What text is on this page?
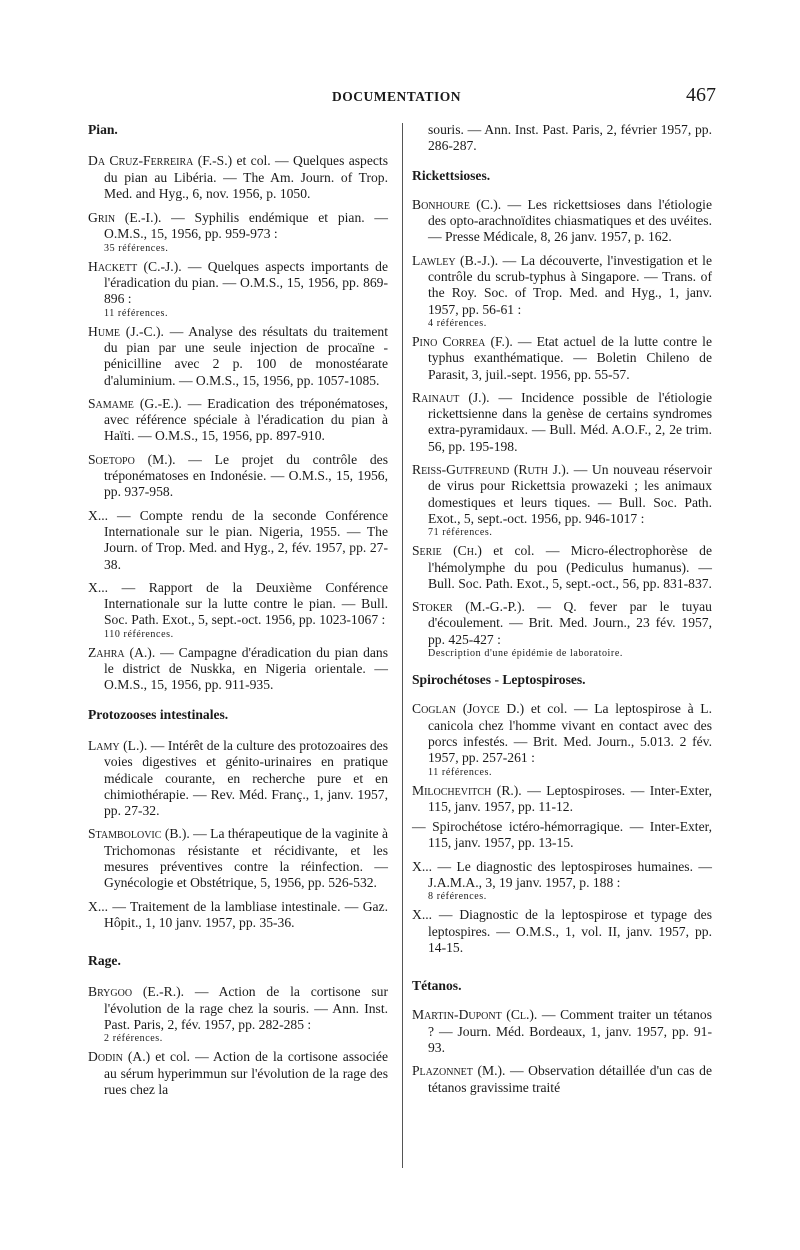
DOCUMENTATION	467
Pian.
Da Cruz-Ferreira (F.-S.) et col. — Quelques aspects du pian au Libéria. — The Am. Journ. of Trop. Med. and Hyg., 6, nov. 1956, p. 1050.
Grin (E.-I.). — Syphilis endémique et pian. — O.M.S., 15, 1956, pp. 959-973 :
35 références.
Hackett (C.-J.). — Quelques aspects importants de l'éradication du pian. — O.M.S., 15, 1956, pp. 869-896 :
11 références.
Hume (J.-C.). — Analyse des résultats du traitement du pian par une seule injection de procaïne - pénicilline avec 2 p. 100 de monostéarate d'aluminium. — O.M.S., 15, 1956, pp. 1057-1085.
Samame (G.-E.). — Eradication des tréponématoses, avec référence spéciale à l'éradication du pian à Haïti. — O.M.S., 15, 1956, pp. 897-910.
Soetopo (M.). — Le projet du contrôle des tréponématoses en Indonésie. — O.M.S., 15, 1956, pp. 937-958.
X... — Compte rendu de la seconde Conférence Internationale sur le pian. Nigeria, 1955. — The Journ. of Trop. Med. and Hyg., 2, fév. 1957, pp. 27-38.
X... — Rapport de la Deuxième Conférence Internationale sur la lutte contre le pian. — Bull. Soc. Path. Exot., 5, sept.-oct. 1956, pp. 1023-1067 :
110 références.
Zahra (A.). — Campagne d'éradication du pian dans le district de Nuskka, en Nigeria orientale. — O.M.S., 15, 1956, pp. 911-935.
Protozooses intestinales.
Lamy (L.). — Intérêt de la culture des protozoaires des voies digestives et génito-urinaires en pratique médicale courante, en recherche pure et en chimiothérapie. — Rev. Méd. Franç., 1, janv. 1957, pp. 27-32.
Stambolovic (B.). — La thérapeutique de la vaginite à Trichomonas résistante et récidivante, et les mesures préventives contre la réinfection. — Gynécologie et Obstétrique, 5, 1956, pp. 526-532.
X... — Traitement de la lambliase intestinale. — Gaz. Hôpit., 1, 10 janv. 1957, pp. 35-36.
Rage.
Brygoo (E.-R.). — Action de la cortisone sur l'évolution de la rage chez la souris. — Ann. Inst. Past. Paris, 2, fév. 1957, pp. 282-285 :
2 références.
Dodin (A.) et col. — Action de la cortisone associée au sérum hyperimmun sur l'évolution de la rage des rues chez la
souris. — Ann. Inst. Past. Paris, 2, février 1957, pp. 286-287.
Rickettsioses.
Bonhoure (C.). — Les rickettsioses dans l'étiologie des opto-arachnoïdites chiasmatiques et des uvéites. — Presse Médicale, 8, 26 janv. 1957, p. 162.
Lawley (B.-J.). — La découverte, l'investigation et le contrôle du scrub-typhus à Singapore. — Trans. of the Roy. Soc. of Trop. Med. and Hyg., 1, janv. 1957, pp. 56-61 :
4 références.
Pino Correa (F.). — Etat actuel de la lutte contre le typhus exanthématique. — Boletin Chileno de Parasit, 3, juil.-sept. 1956, pp. 55-57.
Rainaut (J.). — Incidence possible de l'étiologie rickettsienne dans la genèse de certains syndromes extra-pyramidaux. — Bull. Méd. A.O.F., 2, 2e trim. 56, pp. 195-198.
Reiss-Gutfreund (Ruth J.). — Un nouveau réservoir de virus pour Rickettsia prowazeki ; les animaux domestiques et leurs tiques. — Bull. Soc. Path. Exot., 5, sept.-oct. 1956, pp. 946-1017 :
71 références.
Serie (Ch.) et col. — Micro-électrophorèse de l'hémolymphe du pou (Pediculus humanus). — Bull. Soc. Path. Exot., 5, sept.-oct., 56, pp. 831-837.
Stoker (M.-G.-P.). — Q. fever par le tuyau d'écoulement. — Brit. Med. Journ., 23 fév. 1957, pp. 425-427 :
Description d'une épidémie de laboratoire.
Spirochétoses - Leptospiroses.
Coglan (Joyce D.) et col. — La leptospirose à L. canicola chez l'homme vivant en contact avec des porcs infestés. — Brit. Med. Journ., 5.013. 2 fév. 1957, pp. 257-261 :
11 références.
Milochevitch (R.). — Leptospiroses. — Inter-Exter, 115, janv. 1957, pp. 11-12.
— Spirochétose ictéro-hémorragique. — Inter-Exter, 115, janv. 1957, pp. 13-15.
X... — Le diagnostic des leptospiroses humaines. — J.A.M.A., 3, 19 janv. 1957, p. 188 :
8 références.
X... — Diagnostic de la leptospirose et typage des leptospires. — O.M.S., 1, vol. II, janv. 1957, pp. 14-15.
Tétanos.
Martin-Dupont (Cl.). — Comment traiter un tétanos ? — Journ. Méd. Bordeaux, 1, janv. 1957, pp. 91-93.
Plazonnet (M.). — Observation détaillée d'un cas de tétanos gravissime traité
